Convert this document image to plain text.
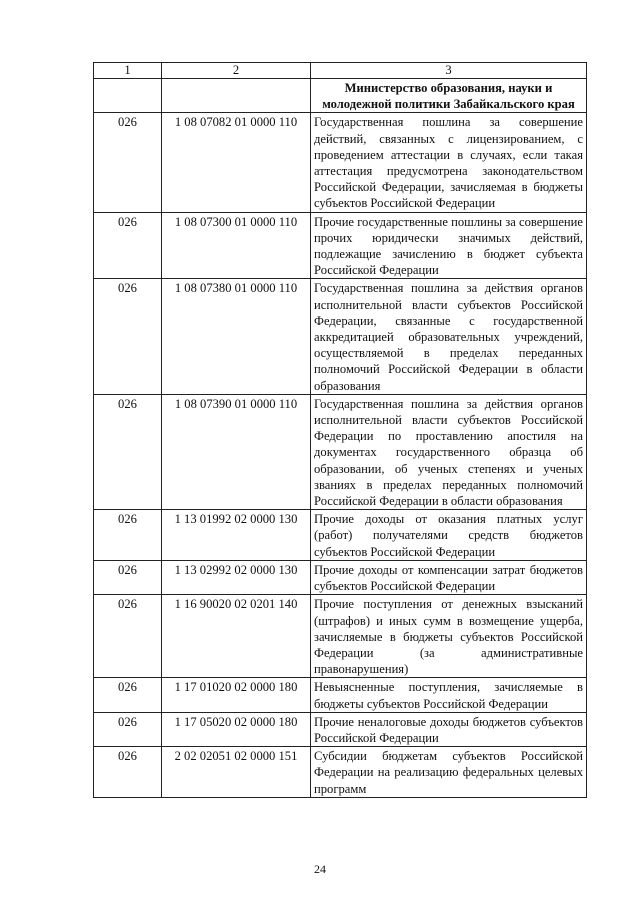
1	2	3
		Министерство образования, науки и молодежной политики Забайкальского края
026	1 08 07082 01 0000 110	Государственная пошлина за совершение действий, связанных с лицензированием, с проведением аттестации в случаях, если такая аттестация предусмотрена законодательством Российской Федерации, зачисляемая в бюджеты субъектов Российской Федерации
026	1 08 07300 01 0000 110	Прочие государственные пошлины за совершение прочих юридически значимых действий, подлежащие зачислению в бюджет субъекта Российской Федерации
026	1 08 07380 01 0000 110	Государственная пошлина за действия органов исполнительной власти субъектов Российской Федерации, связанные с государственной аккредитацией образовательных учреждений, осуществляемой в пределах переданных полномочий Российской Федерации в области образования
026	1 08 07390 01 0000 110	Государственная пошлина за действия органов исполнительной власти субъектов Российской Федерации по проставлению апостиля на документах государственного образца об образовании, об ученых степенях и ученых званиях в пределах переданных полномочий Российской Федерации в области образования
026	1 13 01992 02 0000 130	Прочие доходы от оказания платных услуг (работ) получателями средств бюджетов субъектов Российской Федерации
026	1 13 02992 02 0000 130	Прочие доходы от компенсации затрат бюджетов субъектов Российской Федерации
026	1 16 90020 02 0201 140	Прочие поступления от денежных взысканий (штрафов) и иных сумм в возмещение ущерба, зачисляемые в бюджеты субъектов Российской Федерации (за административные правонарушения)
026	1 17 01020 02 0000 180	Невыясненные поступления, зачисляемые в бюджеты субъектов Российской Федерации
026	1 17 05020 02 0000 180	Прочие неналоговые доходы бюджетов субъектов Российской Федерации
026	2 02 02051 02 0000 151	Субсидии бюджетам субъектов Российской Федерации на реализацию федеральных целевых программ
24
